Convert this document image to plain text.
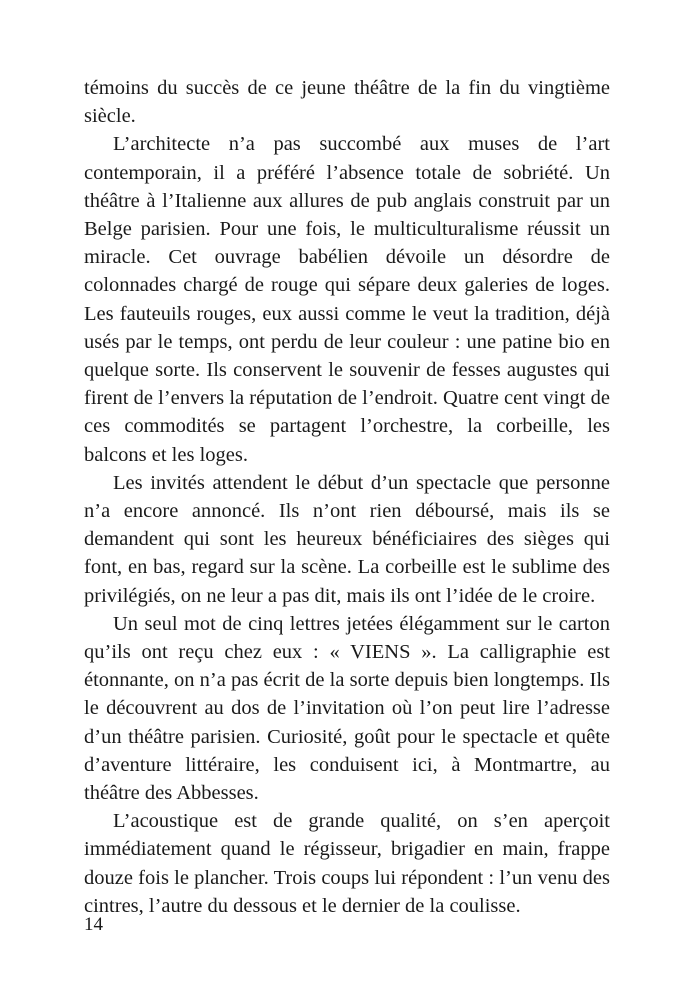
témoins du succès de ce jeune théâtre de la fin du vingtième siècle.

L’architecte n’a pas succombé aux muses de l’art contemporain, il a préféré l’absence totale de sobriété. Un théâtre à l’Italienne aux allures de pub anglais construit par un Belge parisien. Pour une fois, le multiculturalisme réussit un miracle. Cet ouvrage babélien dévoile un désordre de colonnades chargé de rouge qui sépare deux galeries de loges. Les fauteuils rouges, eux aussi comme le veut la tradition, déjà usés par le temps, ont perdu de leur couleur : une patine bio en quelque sorte. Ils conservent le souvenir de fesses augustes qui firent de l’envers la réputation de l’endroit. Quatre cent vingt de ces commodités se partagent l’orchestre, la corbeille, les balcons et les loges.

Les invités attendent le début d’un spectacle que personne n’a encore annoncé. Ils n’ont rien déboursé, mais ils se demandent qui sont les heureux bénéficiaires des sièges qui font, en bas, regard sur la scène. La corbeille est le sublime des privilégiés, on ne leur a pas dit, mais ils ont l’idée de le croire.

Un seul mot de cinq lettres jetées élégamment sur le carton qu’ils ont reçu chez eux : « VIENS ». La calligraphie est étonnante, on n’a pas écrit de la sorte depuis bien longtemps. Ils le découvrent au dos de l’invitation où l’on peut lire l’adresse d’un théâtre parisien. Curiosité, goût pour le spectacle et quête d’aventure littéraire, les conduisent ici, à Montmartre, au théâtre des Abbesses.

L’acoustique est de grande qualité, on s’en aperçoit immédiatement quand le régisseur, brigadier en main, frappe douze fois le plancher. Trois coups lui répondent : l’un venu des cintres, l’autre du dessous et le dernier de la coulisse.

14
